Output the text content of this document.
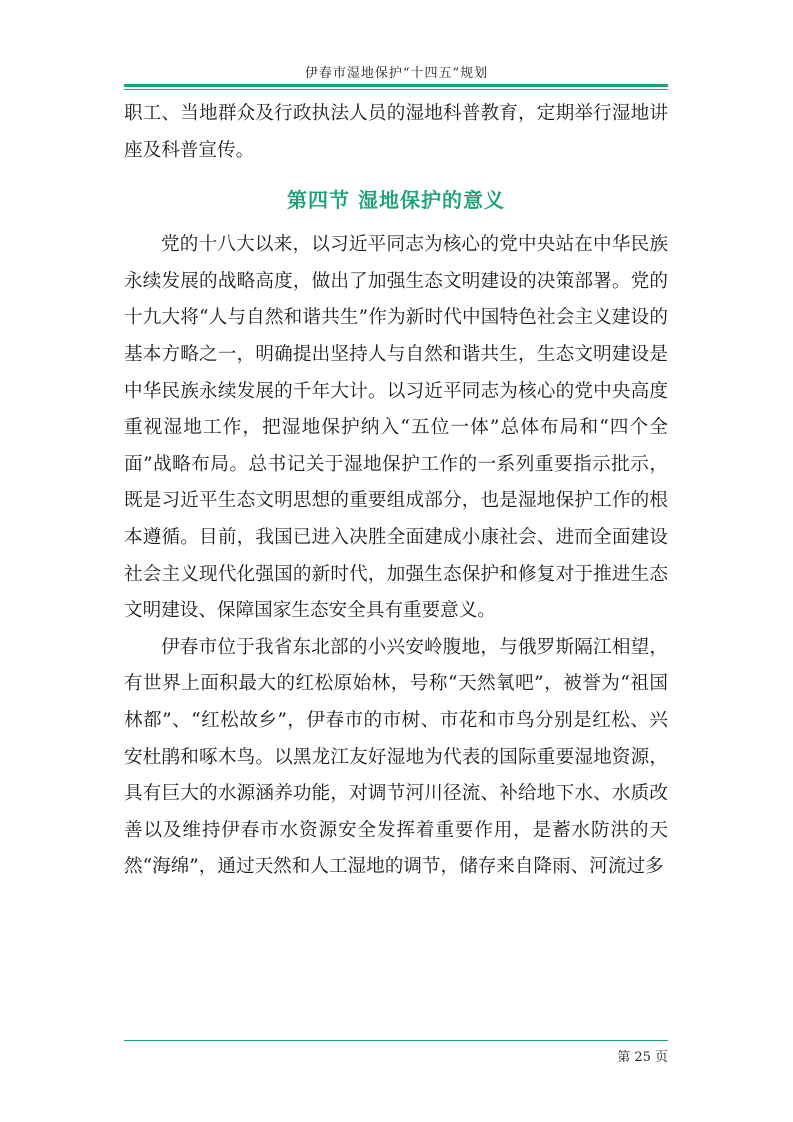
伊春市湿地保护“十四五”规划

职工、当地群众及行政执法人员的湿地科普教育，定期举行湿地讲座及科普宣传。

第四节 湿地保护的意义

党的十八大以来，以习近平同志为核心的党中央站在中华民族永续发展的战略高度，做出了加强生态文明建设的决策部署。党的十九大将“人与自然和谐共生”作为新时代中国特色社会主义建设的基本方略之一，明确提出坚持人与自然和谐共生，生态文明建设是中华民族永续发展的千年大计。以习近平同志为核心的党中央高度重视湿地工作，把湿地保护纳入“五位一体”总体布局和“四个全面”战略布局。总书记关于湿地保护工作的一系列重要指示批示，既是习近平生态文明思想的重要组成部分，也是湿地保护工作的根本遵循。目前，我国已进入决胜全面建成小康社会、进而全面建设社会主义现代化强国的新时代，加强生态保护和修复对于推进生态文明建设、保障国家生态安全具有重要意义。

伊春市位于我省东北部的小兴安岭腹地，与俄罗斯隔江相望，有世界上面积最大的红松原始林，号称“天然氧吧”，被誉为“祖国林都”、“红松故乡”，伊春市的市树、市花和市鸟分别是红松、兴安杜鹃和啄木鸟。以黑龙江友好湿地为代表的国际重要湿地资源，具有巨大的水源涵养功能，对调节河川径流、补给地下水、水质改善以及维持伊春市水资源安全发挥着重要作用，是蓄水防洪的天然“海绵”，通过天然和人工湿地的调节，储存来自降雨、河流过多

第 25 页
